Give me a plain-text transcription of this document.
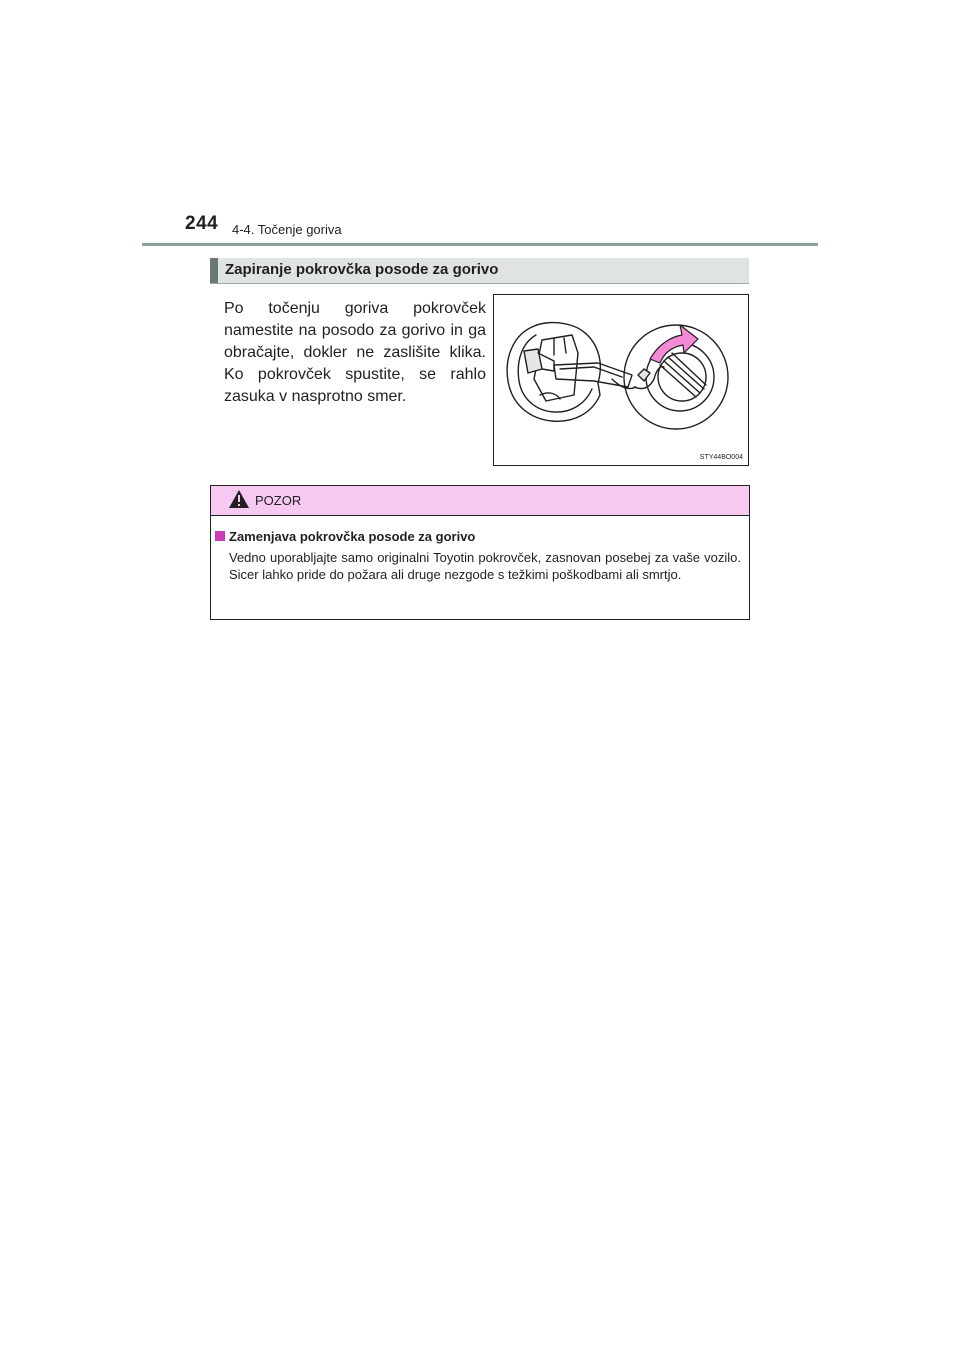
244 4-4. Točenje goriva
Zapiranje pokrovčka posode za gorivo
Po točenju goriva pokrovček namestite na posodo za gorivo in ga obračajte, dokler ne zaslišite klika. Ko pokrovček spustite, se rahlo zasuka v nasprotno smer.
STY44BO004
POZOR
Zamenjava pokrovčka posode za gorivo
Vedno uporabljajte samo originalni Toyotin pokrovček, zasnovan posebej za vaše vozilo. Sicer lahko pride do požara ali druge nezgode s težkimi poškodbami ali smrtjo.
